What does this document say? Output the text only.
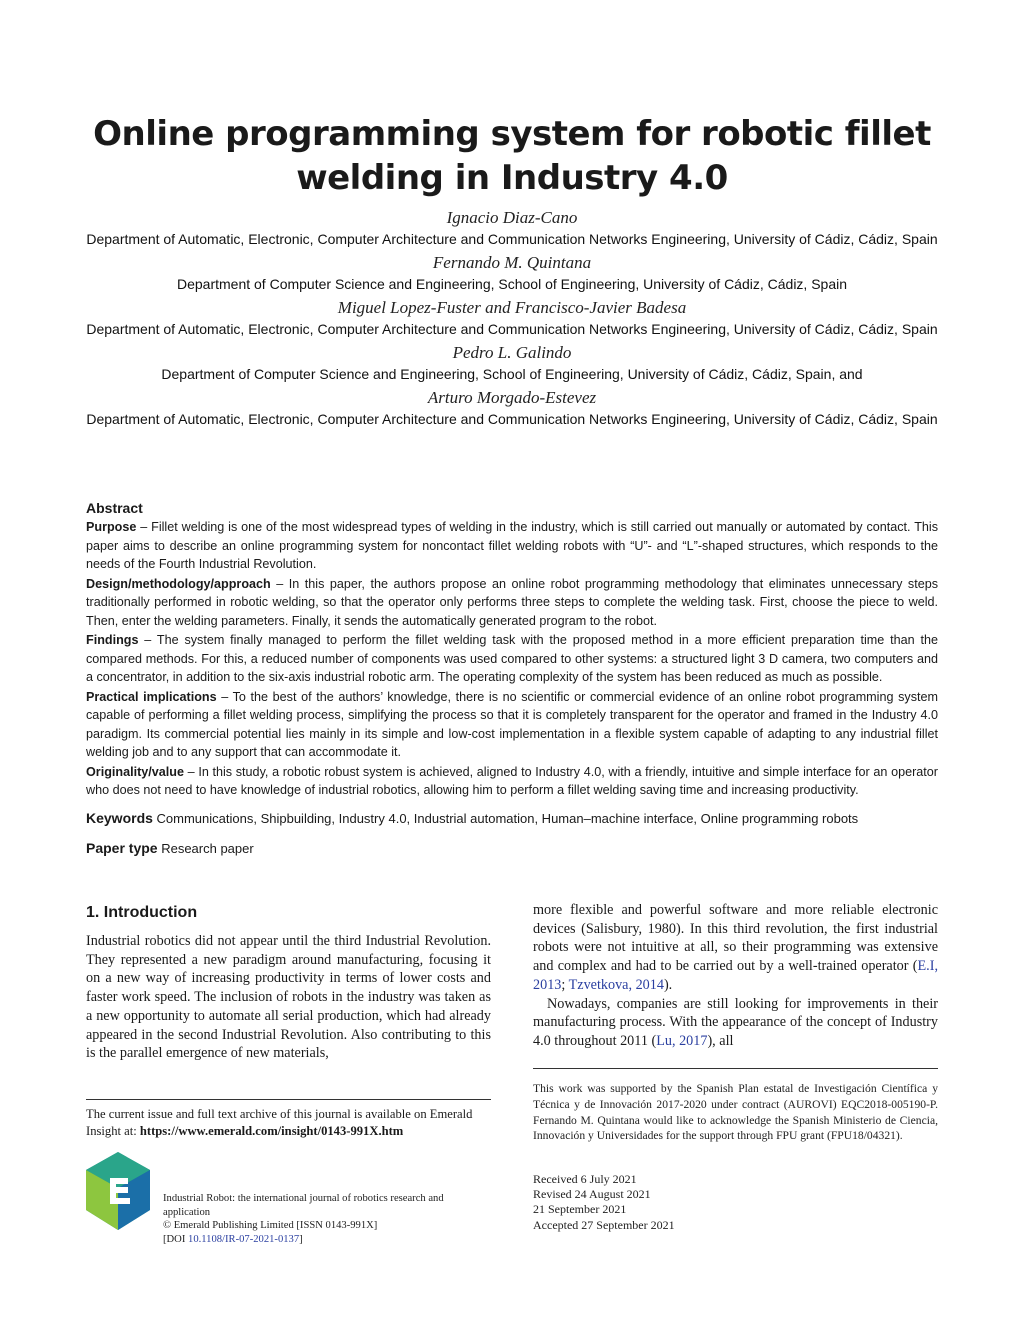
Online programming system for robotic fillet welding in Industry 4.0
Ignacio Diaz-Cano
Department of Automatic, Electronic, Computer Architecture and Communication Networks Engineering, University of Cádiz, Cádiz, Spain
Fernando M. Quintana
Department of Computer Science and Engineering, School of Engineering, University of Cádiz, Cádiz, Spain
Miguel Lopez-Fuster and Francisco-Javier Badesa
Department of Automatic, Electronic, Computer Architecture and Communication Networks Engineering, University of Cádiz, Cádiz, Spain
Pedro L. Galindo
Department of Computer Science and Engineering, School of Engineering, University of Cádiz, Cádiz, Spain, and
Arturo Morgado-Estevez
Department of Automatic, Electronic, Computer Architecture and Communication Networks Engineering, University of Cádiz, Cádiz, Spain
Abstract
Purpose – Fillet welding is one of the most widespread types of welding in the industry, which is still carried out manually or automated by contact. This paper aims to describe an online programming system for noncontact fillet welding robots with “U”- and “L”-shaped structures, which responds to the needs of the Fourth Industrial Revolution.
Design/methodology/approach – In this paper, the authors propose an online robot programming methodology that eliminates unnecessary steps traditionally performed in robotic welding, so that the operator only performs three steps to complete the welding task. First, choose the piece to weld. Then, enter the welding parameters. Finally, it sends the automatically generated program to the robot.
Findings – The system finally managed to perform the fillet welding task with the proposed method in a more efficient preparation time than the compared methods. For this, a reduced number of components was used compared to other systems: a structured light 3 D camera, two computers and a concentrator, in addition to the six-axis industrial robotic arm. The operating complexity of the system has been reduced as much as possible.
Practical implications – To the best of the authors’ knowledge, there is no scientific or commercial evidence of an online robot programming system capable of performing a fillet welding process, simplifying the process so that it is completely transparent for the operator and framed in the Industry 4.0 paradigm. Its commercial potential lies mainly in its simple and low-cost implementation in a flexible system capable of adapting to any industrial fillet welding job and to any support that can accommodate it.
Originality/value – In this study, a robotic robust system is achieved, aligned to Industry 4.0, with a friendly, intuitive and simple interface for an operator who does not need to have knowledge of industrial robotics, allowing him to perform a fillet welding saving time and increasing productivity.
Keywords Communications, Shipbuilding, Industry 4.0, Industrial automation, Human–machine interface, Online programming robots
Paper type Research paper
1. Introduction

Industrial robotics did not appear until the third Industrial Revolution. They represented a new paradigm around manufacturing, focusing it on a new way of increasing productivity in terms of lower costs and faster work speed. The inclusion of robots in the industry was taken as a new opportunity to automate all serial production, which had already appeared in the second Industrial Revolution. Also contributing to this is the parallel emergence of new materials,

more flexible and powerful software and more reliable electronic devices (Salisbury, 1980). In this third revolution, the first industrial robots were not intuitive at all, so their programming was extensive and complex and had to be carried out by a well-trained operator (E.I, 2013; Tzvetkova, 2014).

Nowadays, companies are still looking for improvements in their manufacturing process. With the appearance of the concept of Industry 4.0 throughout 2011 (Lu, 2017), all

The current issue and full text archive of this journal is available on Emerald Insight at: https://www.emerald.com/insight/0143-991X.htm
Industrial Robot: the international journal of robotics research and application
© Emerald Publishing Limited [ISSN 0143-991X]
[DOI 10.1108/IR-07-2021-0137]
This work was supported by the Spanish Plan estatal de Investigación Científica y Técnica y de Innovación 2017-2020 under contract (AUROVI) EQC2018-005190-P. Fernando M. Quintana would like to acknowledge the Spanish Ministerio de Ciencia, Innovación y Universidades for the support through FPU grant (FPU18/04321).
Received 6 July 2021
Revised 24 August 2021
21 September 2021
Accepted 27 September 2021
